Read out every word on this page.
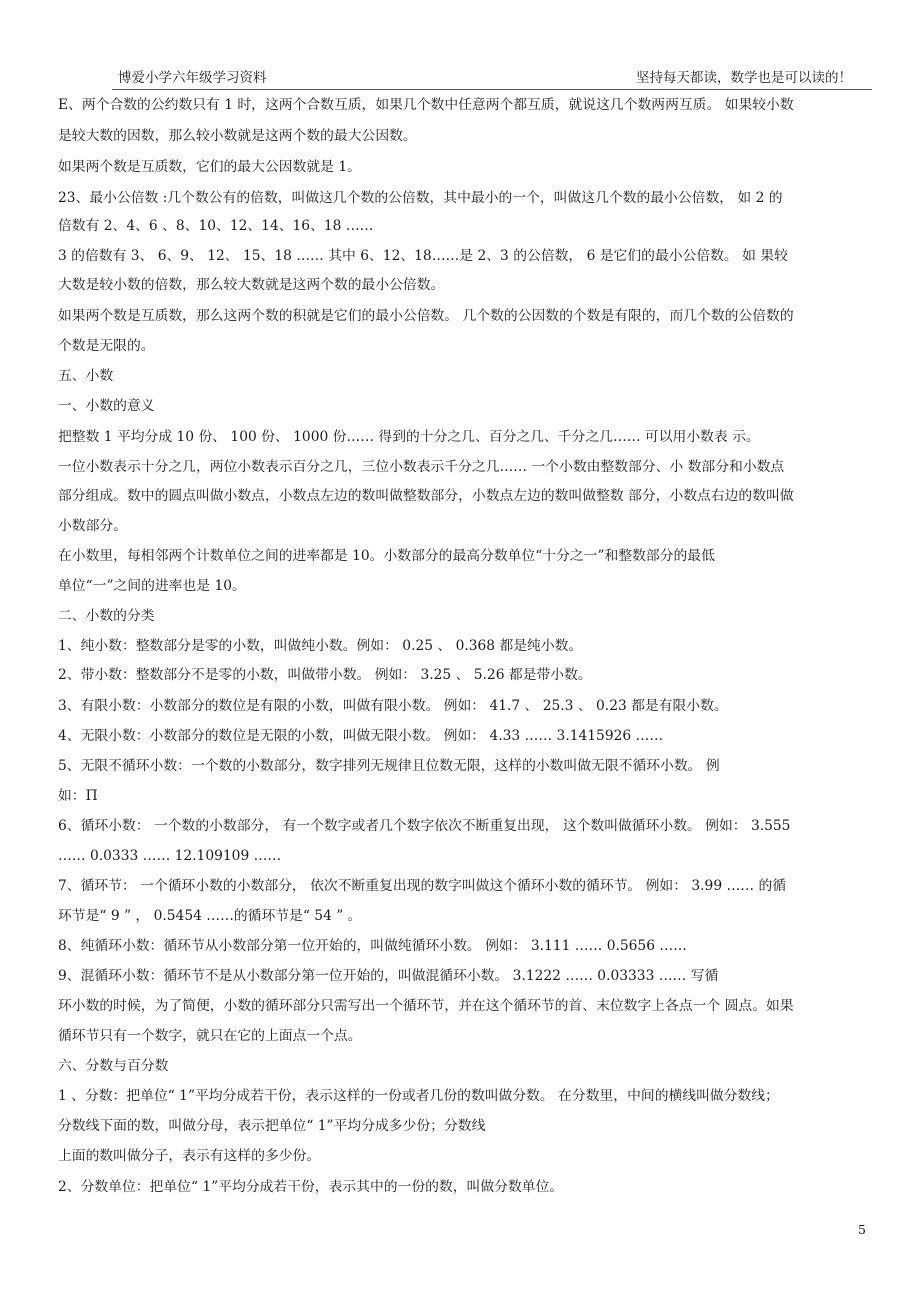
博爱小学六年级学习资料	坚持每天都读，数学也是可以读的！
E、两个合数的公约数只有 1 时，这两个合数互质，如果几个数中任意两个都互质，就说这几个数两两互质。 如果较小数
是较大数的因数，那么较小数就是这两个数的最大公因数。
如果两个数是互质数，它们的最大公因数就是 1。
23、最小公倍数 :几个数公有的倍数，叫做这几个数的公倍数，其中最小的一个，叫做这几个数的最小公倍数， 如 2 的
倍数有 2、4、6 、8、10、12、14、16、18 ……
3 的倍数有 3、 6、9、 12、 15、18 …… 其中 6、12、18……是 2、3 的公倍数， 6 是它们的最小公倍数。 如 果较
大数是较小数的倍数，那么较大数就是这两个数的最小公倍数。
如果两个数是互质数，那么这两个数的积就是它们的最小公倍数。 几个数的公因数的个数是有限的，而几个数的公倍数的
个数是无限的。
五、小数
一、小数的意义
把整数 1 平均分成 10 份、 100 份、 1000 份…… 得到的十分之几、百分之几、千分之几…… 可以用小数表 示。
一位小数表示十分之几，两位小数表示百分之几，三位小数表示千分之几…… 一个小数由整数部分、小 数部分和小数点
部分组成。数中的圆点叫做小数点，小数点左边的数叫做整数部分，小数点左边的数叫做整数 部分，小数点右边的数叫做
小数部分。
在小数里，每相邻两个计数单位之间的进率都是 10。小数部分的最高分数单位“十分之一”和整数部分的最低
单位“一”之间的进率也是 10。
二、小数的分类
1、纯小数：整数部分是零的小数，叫做纯小数。例如： 0.25 、 0.368 都是纯小数。
2、带小数：整数部分不是零的小数，叫做带小数。 例如： 3.25 、 5.26 都是带小数。
3、有限小数：小数部分的数位是有限的小数，叫做有限小数。 例如： 41.7 、 25.3 、 0.23 都是有限小数。
4、无限小数：小数部分的数位是无限的小数，叫做无限小数。 例如： 4.33 …… 3.1415926 ……
5、无限不循环小数：一个数的小数部分，数字排列无规律且位数无限，这样的小数叫做无限不循环小数。 例
如：П
6、循环小数： 一个数的小数部分， 有一个数字或者几个数字依次不断重复出现， 这个数叫做循环小数。 例如： 3.555
…… 0.0333 …… 12.109109 ……
7、循环节： 一个循环小数的小数部分， 依次不断重复出现的数字叫做这个循环小数的循环节。 例如： 3.99 …… 的循
环节是“ 9 ” ， 0.5454 ……的循环节是“ 54 ” 。
8、纯循环小数：循环节从小数部分第一位开始的，叫做纯循环小数。 例如： 3.111 …… 0.5656 ……
9、混循环小数：循环节不是从小数部分第一位开始的，叫做混循环小数。 3.1222 …… 0.03333 …… 写循
环小数的时候，为了简便，小数的循环部分只需写出一个循环节，并在这个循环节的首、末位数字上各点一个 圆点。如果
循环节只有一个数字，就只在它的上面点一个点。
六、分数与百分数
1 、分数：把单位“ 1”平均分成若干份，表示这样的一份或者几份的数叫做分数。 在分数里，中间的横线叫做分数线；
分数线下面的数，叫做分母，表示把单位“ 1”平均分成多少份；分数线
上面的数叫做分子，表示有这样的多少份。
2、分数单位：把单位“ 1”平均分成若干份，表示其中的一份的数，叫做分数单位。
5
